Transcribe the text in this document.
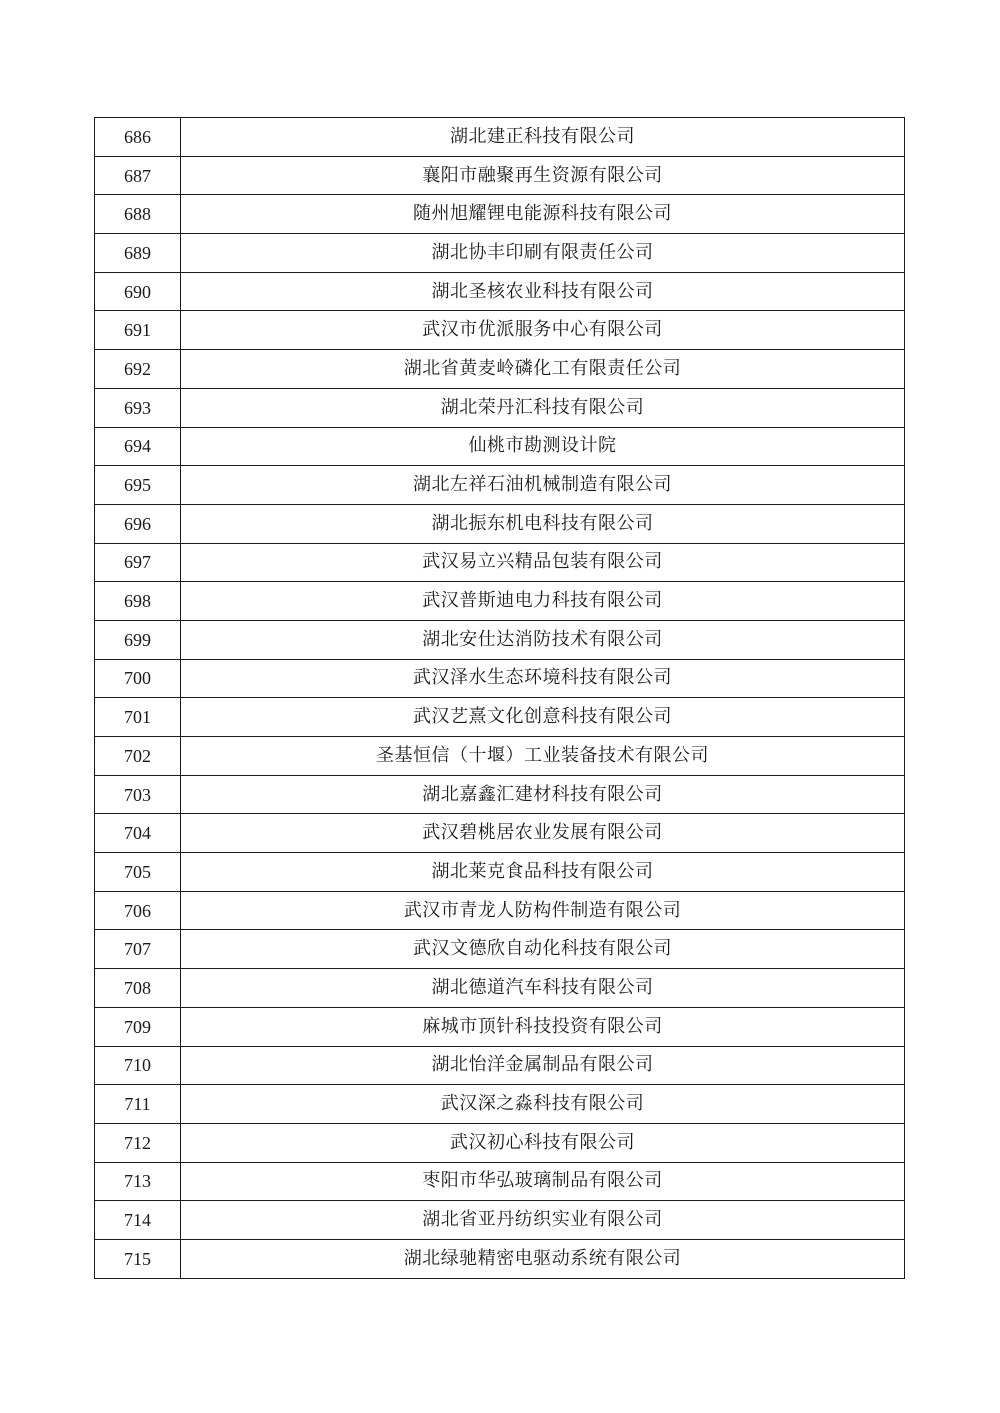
686	湖北建正科技有限公司
687	襄阳市融聚再生资源有限公司
688	随州旭耀锂电能源科技有限公司
689	湖北协丰印刷有限责任公司
690	湖北圣核农业科技有限公司
691	武汉市优派服务中心有限公司
692	湖北省黄麦岭磷化工有限责任公司
693	湖北荣丹汇科技有限公司
694	仙桃市勘测设计院
695	湖北左祥石油机械制造有限公司
696	湖北振东机电科技有限公司
697	武汉易立兴精品包装有限公司
698	武汉普斯迪电力科技有限公司
699	湖北安仕达消防技术有限公司
700	武汉泽水生态环境科技有限公司
701	武汉艺熹文化创意科技有限公司
702	圣基恒信（十堰）工业装备技术有限公司
703	湖北嘉鑫汇建材科技有限公司
704	武汉碧桃居农业发展有限公司
705	湖北莱克食品科技有限公司
706	武汉市青龙人防构件制造有限公司
707	武汉文德欣自动化科技有限公司
708	湖北德道汽车科技有限公司
709	麻城市顶针科技投资有限公司
710	湖北怡洋金属制品有限公司
711	武汉深之淼科技有限公司
712	武汉初心科技有限公司
713	枣阳市华弘玻璃制品有限公司
714	湖北省亚丹纺织实业有限公司
715	湖北绿驰精密电驱动系统有限公司
